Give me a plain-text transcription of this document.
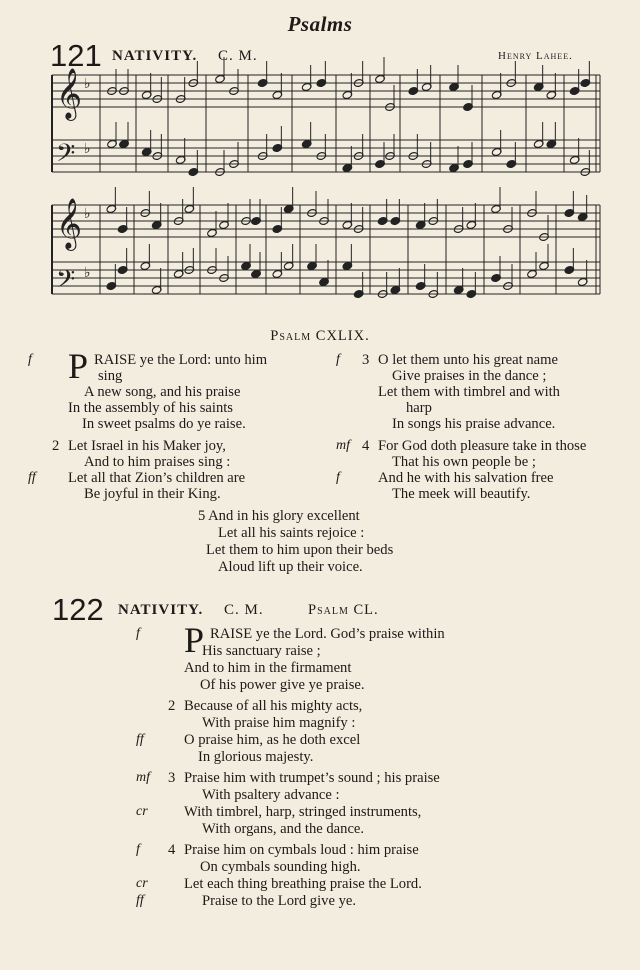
Psalms
121 NATIVITY. C. M.	Henry Lahee.
𝄞
𝄞
𝄢
𝄢
♭
♭
♭
♭
Psalm CXLIX.
f P RAISE ye the Lord: unto him
sing
A new song, and his praise
In the assembly of his saints
In sweet psalms do ye raise.
2 Let Israel in his Maker joy,
And to him praises sing :
ff Let all that Zion’s children are
Be joyful in their King.
f 3 O let them unto his great name
Give praises in the dance ;
Let them with timbrel and with
harp
In songs his praise advance.
mf 4 For God doth pleasure take in those
That his own people be ;
f	And he with his salvation free
The meek will beautify.
5 And in his glory excellent
Let all his saints rejoice :
Let them to him upon their beds
Aloud lift up their voice.
122 NATIVITY. C. M.	Psalm CL.
f P RAISE ye the Lord. God’s praise within
His sanctuary raise ;
And to him in the firmament
Of his power give ye praise.
2 Because of all his mighty acts,
With praise him magnify :
ff	O praise him, as he doth excel
In glorious majesty.
mf 3 Praise him with trumpet’s sound ; his praise
With psaltery advance :
cr With timbrel, harp, stringed instruments,
With organs, and the dance.
f 4 Praise him on cymbals loud : him praise
On cymbals sounding high.
cr Let each thing breathing praise the Lord.
ff	Praise to the Lord give ye.
